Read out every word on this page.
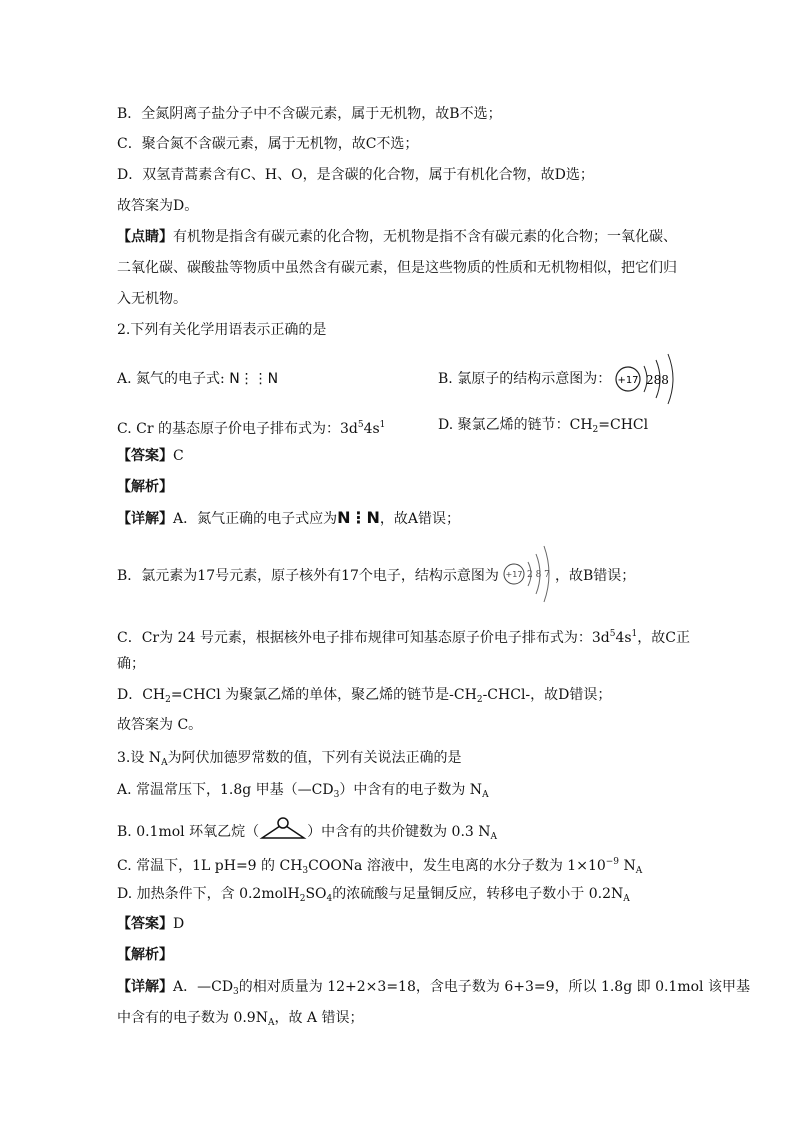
B．全氮阴离子盐分子中不含碳元素，属于无机物，故B不选；
C．聚合氮不含碳元素，属于无机物，故C不选；
D．双氢青蒿素含有C、H、O，是含碳的化合物，属于有机化合物，故D选；
故答案为D。
【点睛】有机物是指含有碳元素的化合物，无机物是指不含有碳元素的化合物；一氧化碳、
二氧化碳、碳酸盐等物质中虽然含有碳元素，但是这些物质的性质和无机物相似，把它们归
入无机物。
2.下列有关化学用语表示正确的是
A. 氮气的电子式: N⋮⋮N	B. 氯原子的结构示意图为： +17 288
C. Cr 的基态原子价电子排布式为：$3d^54s^1$	D. 聚氯乙烯的链节：$CH_2=CHCl$
【答案】C
【解析】
【详解】A．氮气正确的电子式应为N⋮N，故A错误；
B．氯元素为17号元素，原子核外有17个电子，结构示意图为 +17 2 8 7 ，故B错误；
C．Cr为 24 号元素，根据核外电子排布规律可知基态原子价电子排布式为：$3d^54s^1$，故C正
确；
D．$CH_2=CHCl$ 为聚氯乙烯的单体，聚乙烯的链节是$-CH_2-CHCl-$，故D错误；
故答案为 C。
3.设 $N_A$为阿伏加德罗常数的值，下列有关说法正确的是
A. 常温常压下，1.8g 甲基$(—CD_3)$中含有的电子数为 $N_A$
B. 0.1mol 环氧乙烷（	）中含有的共价键数为 0.3 $N_A$
C. 常温下，1L pH=9 的 $CH_3COONa$ 溶液中，发生电离的水分子数为 $1\times 10^{-9}$ $N_A$
D. 加热条件下，含 $0.2molH_2SO_4$的浓硫酸与足量铜反应，转移电子数小于 $0.2N_A$
【答案】D
【解析】
【详解】A．$—CD_3$的相对质量为 12+2×3=18，含电子数为 6+3=9，所以 1.8g 即 0.1mol 该甲基
中含有的电子数为 $0.9N_A$，故 A 错误；
